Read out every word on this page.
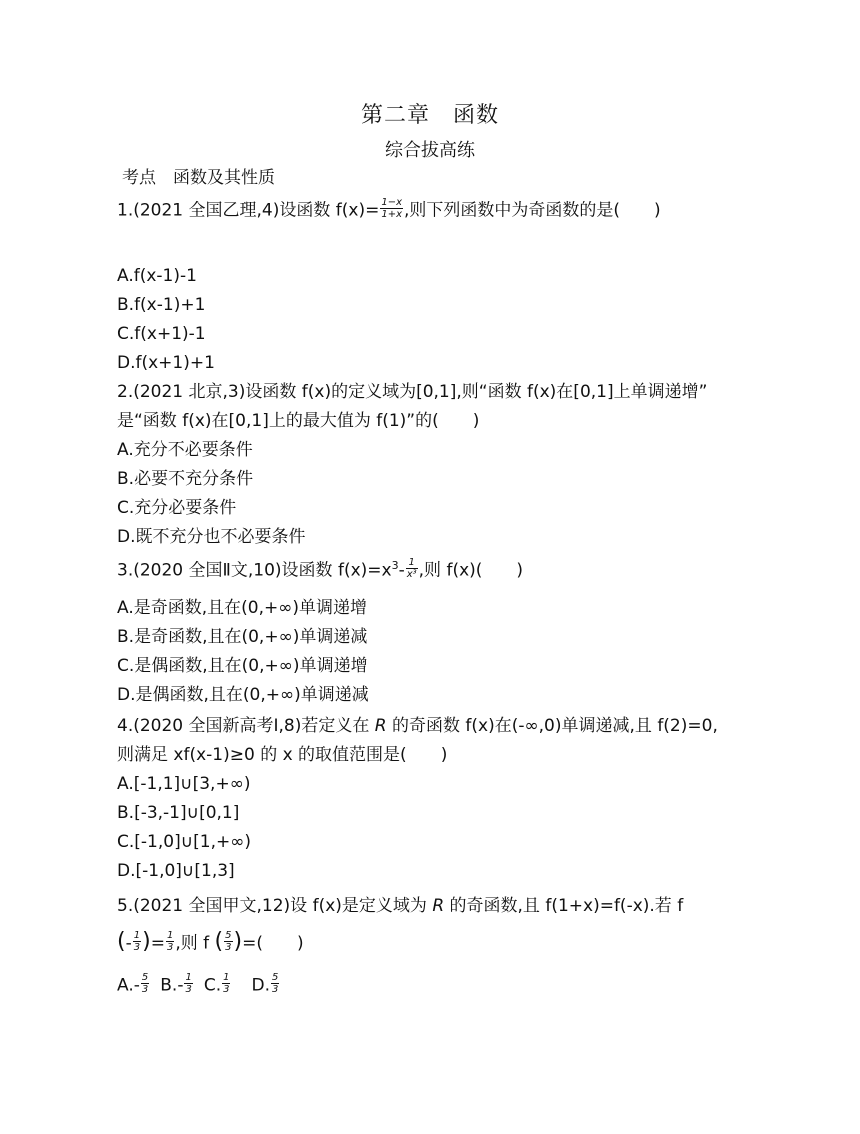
第二章　函数
综合拔高练
考点　函数及其性质
1.(2021 全国乙理,4)设函数 $f(x)= \frac{1-x}{1+x}$ ,则下列函数中为奇函数的是(　　)
A.f(x-1)-1
B.f(x-1)+1
C.f(x+1)-1
D.f(x+1)+1
2.(2021 北京,3)设函数 f(x)的定义域为[0,1],则“函数 f(x)在[0,1]上单调递增”
是“函数 f(x)在[0,1]上的最大值为 f(1)”的(　　)
A.充分不必要条件
B.必要不充分条件
C.充分必要条件
D.既不充分也不必要条件
3.(2020 全国Ⅱ文,10)设函数 $f(x)=x^3- \frac{1}{\text{x³}}$ ,则 f(x)(　　)
A.是奇函数,且在(0,+∞)单调递增
B.是奇函数,且在(0,+∞)单调递减
C.是偶函数,且在(0,+∞)单调递增
D.是偶函数,且在(0,+∞)单调递减
4.(2020 全国新高考Ⅰ,8)若定义在 R 的奇函数 f(x)在(-∞,0)单调递减,且 f(2)=0,
则满足 xf(x-1)≥0 的 x 的取值范围是(　　)
A.[-1,1]∪[3,+∞)
B.[-3,-1]∪[0,1]
C.[-1,0]∪[1,+∞)
D.[-1,0]∪[1,3]
5.(2021 全国甲文,12)设 f(x)是定义域为 R 的奇函数,且 f(1+x)=f(-x).若 f
(- $\frac{1}{3}$ )= $\frac{1}{3}$ ,则 f ( $\frac{5}{3}$ )=(　　)
$A.- \frac{5}{3} B.- \frac{1}{3} C$. $\frac{1}{3} D$. $\frac{5}{3}$
